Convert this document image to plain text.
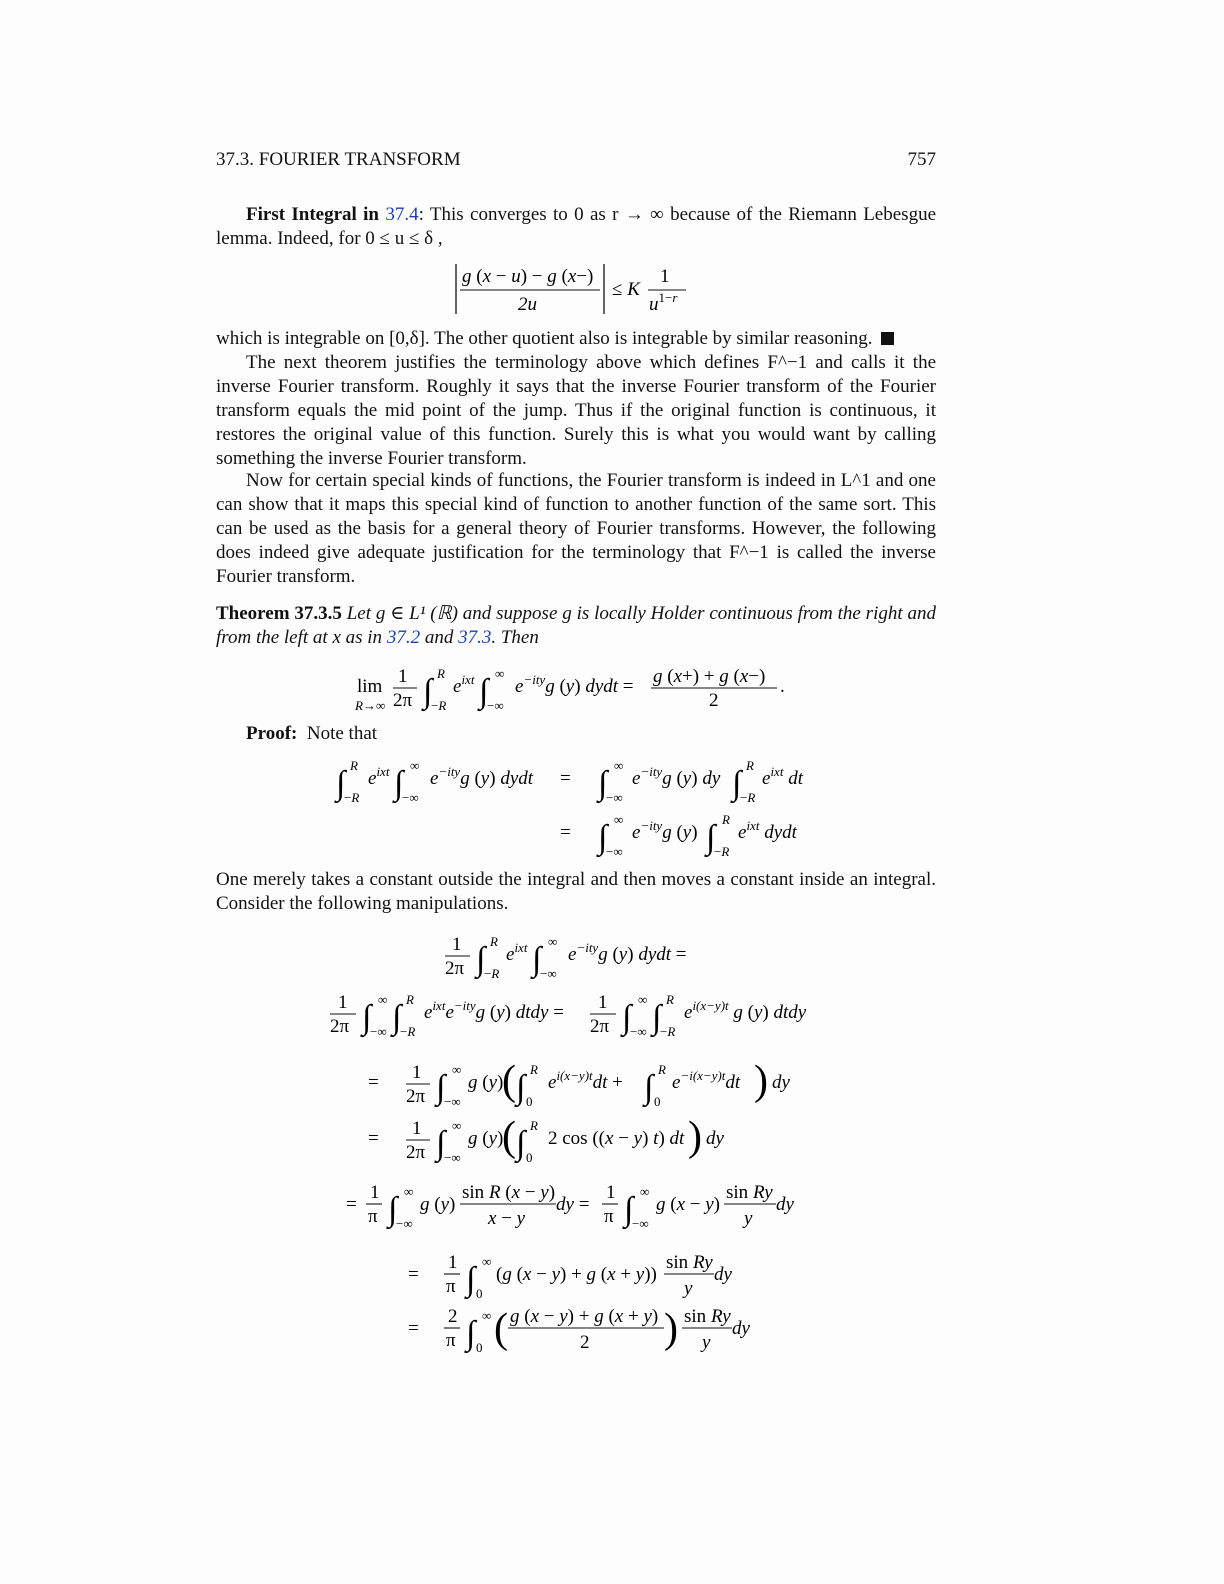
37.3. FOURIER TRANSFORM	757
First Integral in 37.4: This converges to 0 as r → ∞ because of the Riemann Lebesgue lemma. Indeed, for 0 ≤ u ≤ δ ,
g (x − u) − g (x−)
2u
≤ K
1
$u^{1-}r$
which is integrable on [0,δ]. The other quotient also is integrable by similar reasoning.
The next theorem justifies the terminology above which defines F^−1 and calls it the inverse Fourier transform. Roughly it says that the inverse Fourier transform of the Fourier transform equals the mid point of the jump. Thus if the original function is continuous, it restores the original value of this function. Surely this is what you would want by calling something the inverse Fourier transform.
Now for certain special kinds of functions, the Fourier transform is indeed in L^1 and one can show that it maps this special kind of function to another function of the same sort. This can be used as the basis for a general theory of Fourier transforms. However, the following does indeed give adequate justification for the terminology that F^−1 is called the inverse Fourier transform.
Theorem 37.3.5 Let g ∈ L¹ (ℝ) and suppose g is locally Holder continuous from the right and from the left at x as in 37.2 and 37.3. Then
lim
R→∞
1
2π ∫ R
−R
$e^{ixt}$ ∫ ∞
−∞
$e^{-ity}g$ (y) dydt = g (x+) + g (x−)
2
.
Proof: Note that
∫ R
−R
$e^{ixt}$ ∫ ∞
−∞
$e^{-ity}g$ (y) dydt = ∫ ∞
−∞
$e^{-ity}g$ (y) dy ∫ R
−R
$e^{ixt}$ dt
= ∫ ∞
−∞
$e^{-ity}g$ (y) ∫ R
−R
$e^{ixt}$ dydt
One merely takes a constant outside the integral and then moves a constant inside an integral. Consider the following manipulations.
1
2π ∫ R
−R
$e^{ixt}$ ∫ ∞
−∞
$e^{-ity}g$ (y) dydt =
1
2π ∫ ∞
−∞ ∫ R
−R
$e^{ixt}e^{-ity}g$ (y) dtdy = 1
2π ∫ ∞
−∞ ∫ R
−R
$e^{i(x-y)t}$ g (y) dtdy
= 1
2π ∫ ∞
−∞
g (y)
( ∫ R
0
$e^{i(x-y)t}dt$ + ∫ R
0
$e^{-i(x-y)t}dt$ ) dy
= 1
2π ∫ ∞
−∞
g (y)
( ∫ R
0
2 cos ((x − y) t) dt ) dy
=
1
π ∫ ∞
−∞
g (y)
sin R (x − y)
x − y
dy =
1
π ∫ ∞
−∞
g (x − y)
sin Ry
y
dy
=
1
π ∫ ∞
0
(g (x − y) + g (x + y))
sin Ry
y
dy
=
2
π ∫ ∞
0 ( g (x − y) + g (x + y)
2 ) sin Ry
y
dy
